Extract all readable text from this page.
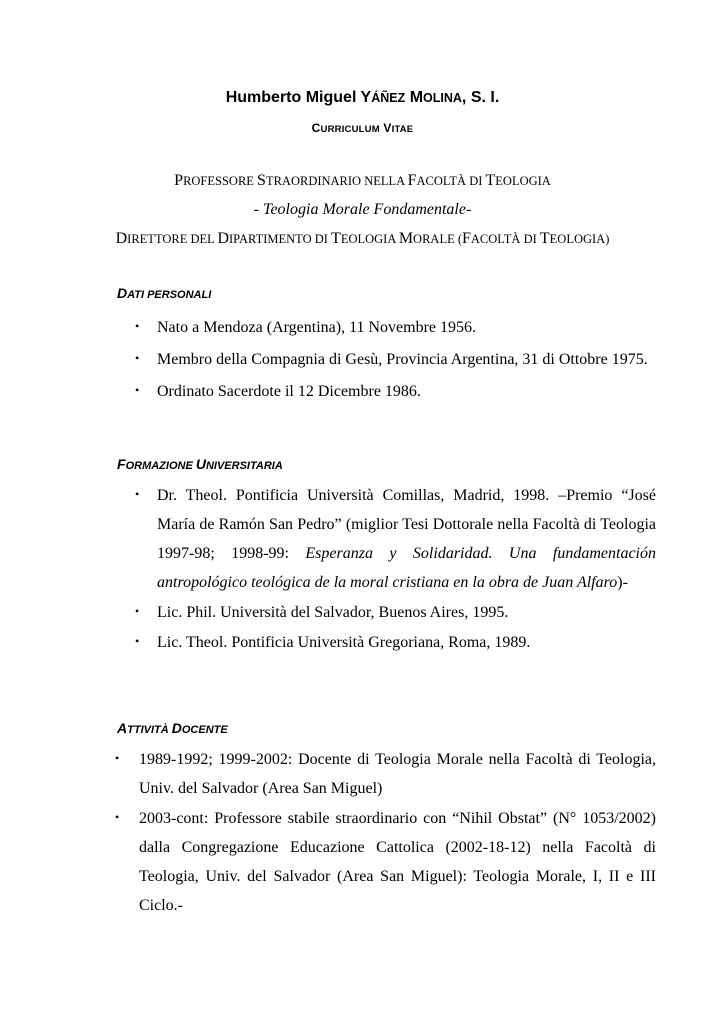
Humberto Miguel YÁÑEZ MOLINA, S. I.
CURRICULUM VITAE
PROFESSORE STRAORDINARIO NELLA FACOLTÀ DI TEOLOGIA
- Teologia Morale Fondamentale-
DIRETTORE DEL DIPARTIMENTO DI TEOLOGIA MORALE (FACOLTÀ DI TEOLOGIA)
DATI PERSONALI
• Nato a Mendoza (Argentina), 11 Novembre 1956.
• Membro della Compagnia di Gesù, Provincia Argentina, 31 di Ottobre 1975.
• Ordinato Sacerdote il 12 Dicembre 1986.
FORMAZIONE UNIVERSITARIA
• Dr. Theol. Pontificia Università Comillas, Madrid, 1998. –Premio “José María de Ramón San Pedro” (miglior Tesi Dottorale nella Facoltà di Teologia 1997-98; 1998-99: Esperanza y Solidaridad. Una fundamentación antropológico teológica de la moral cristiana en la obra de Juan Alfaro)-
• Lic. Phil. Università del Salvador, Buenos Aires, 1995.
• Lic. Theol. Pontificia Università Gregoriana, Roma, 1989.
ATTIVITÀ DOCENTE
• 1989-1992; 1999-2002: Docente di Teologia Morale nella Facoltà di Teologia, Univ. del Salvador (Area San Miguel)
• 2003-cont: Professore stabile straordinario con “Nihil Obstat” (N° 1053/2002) dalla Congregazione Educazione Cattolica (2002-18-12) nella Facoltà di Teologia, Univ. del Salvador (Area San Miguel): Teologia Morale, I, II e III Ciclo.-
